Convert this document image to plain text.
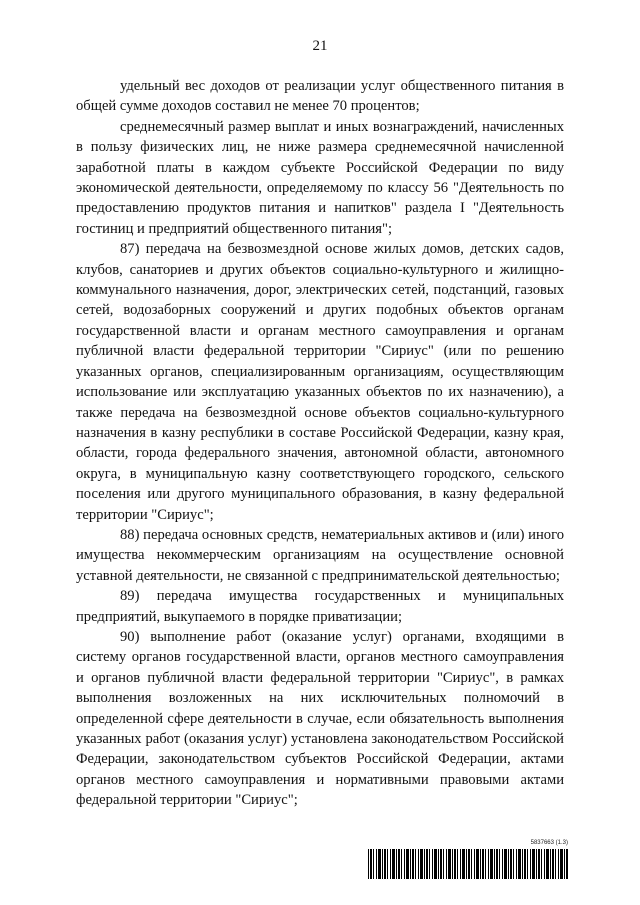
21

удельный вес доходов от реализации услуг общественного питания в общей сумме доходов составил не менее 70 процентов;

среднемесячный размер выплат и иных вознаграждений, начисленных в пользу физических лиц, не ниже размера среднемесячной начисленной заработной платы в каждом субъекте Российской Федерации по виду экономической деятельности, определяемому по классу 56 "Деятельность по предоставлению продуктов питания и напитков" раздела I "Деятельность гостиниц и предприятий общественного питания";

87) передача на безвозмездной основе жилых домов, детских садов, клубов, санаториев и других объектов социально-культурного и жилищно-коммунального назначения, дорог, электрических сетей, подстанций, газовых сетей, водозаборных сооружений и других подобных объектов органам государственной власти и органам местного самоуправления и органам публичной власти федеральной территории "Сириус" (или по решению указанных органов, специализированным организациям, осуществляющим использование или эксплуатацию указанных объектов по их назначению), а также передача на безвозмездной основе объектов социально-культурного назначения в казну республики в составе Российской Федерации, казну края, области, города федерального значения, автономной области, автономного округа, в муниципальную казну соответствующего городского, сельского поселения или другого муниципального образования, в казну федеральной территории "Сириус";

88) передача основных средств, нематериальных активов и (или) иного имущества некоммерческим организациям на осуществление основной уставной деятельности, не связанной с предпринимательской деятельностью;

89) передача имущества государственных и муниципальных предприятий, выкупаемого в порядке приватизации;

90) выполнение работ (оказание услуг) органами, входящими в систему органов государственной власти, органов местного самоуправления и органов публичной власти федеральной территории "Сириус", в рамках выполнения возложенных на них исключительных полномочий в определенной сфере деятельности в случае, если обязательность выполнения указанных работ (оказания услуг) установлена законодательством Российской Федерации, законодательством субъектов Российской Федерации, актами органов местного самоуправления и нормативными правовыми актами федеральной территории "Сириус";

5837663 (1.3)
